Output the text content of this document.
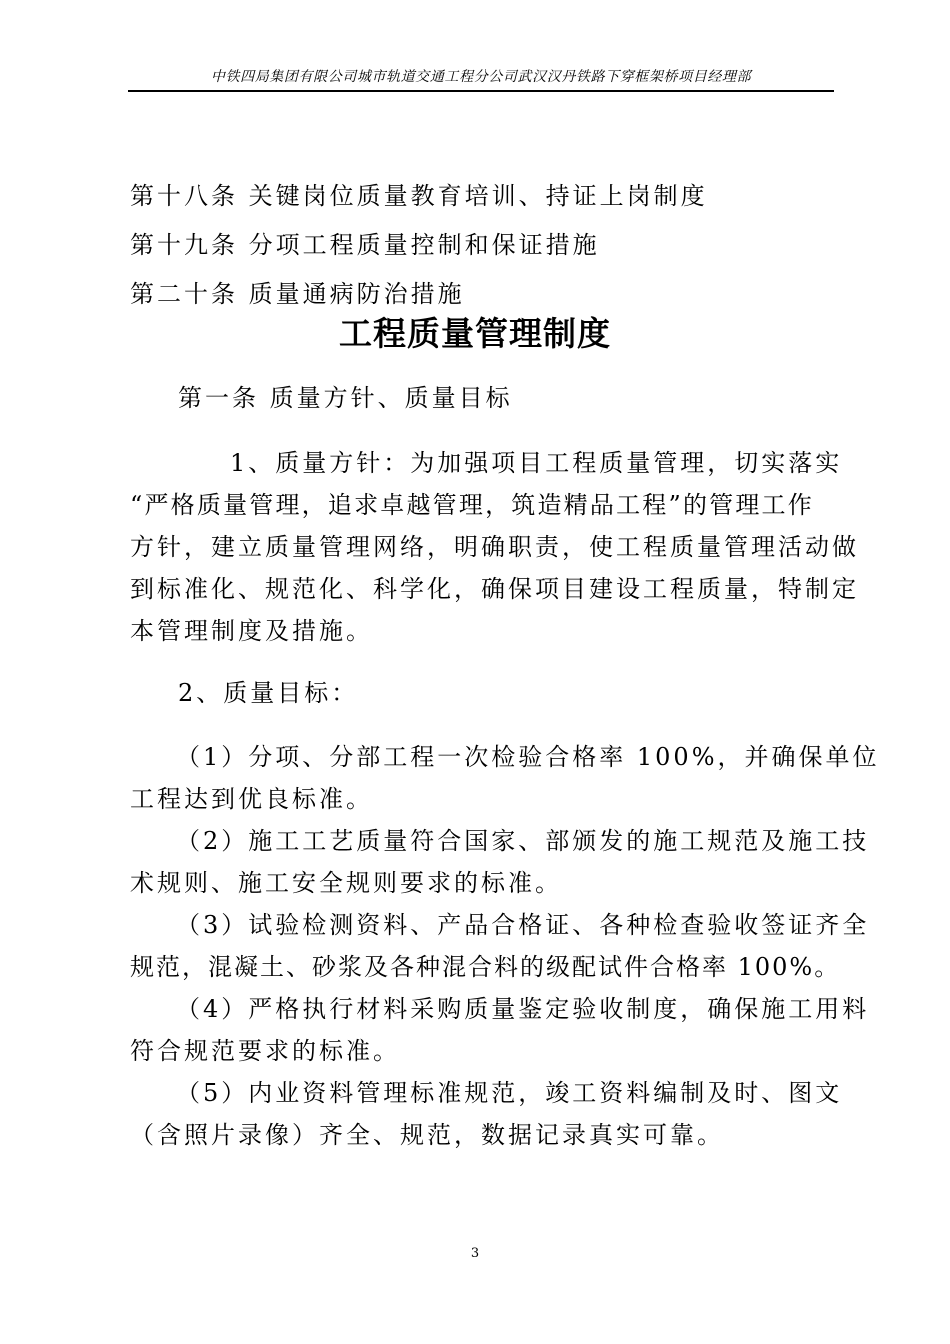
中铁四局集团有限公司城市轨道交通工程分公司武汉汉丹铁路下穿框架桥项目经理部
第十八条 关键岗位质量教育培训、持证上岗制度
第十九条 分项工程质量控制和保证措施
第二十条 质量通病防治措施
工程质量管理制度
第一条 质量方针、质量目标
1、质量方针：为加强项目工程质量管理，切实落实
“严格质量管理，追求卓越管理，筑造精品工程”的管理工作
方针，建立质量管理网络，明确职责，使工程质量管理活动做
到标准化、规范化、科学化，确保项目建设工程质量，特制定
本管理制度及措施。
2、质量目标：
（1）分项、分部工程一次检验合格率 100%，并确保单位
工程达到优良标准。
（2）施工工艺质量符合国家、部颁发的施工规范及施工技
术规则、施工安全规则要求的标准。
（3）试验检测资料、产品合格证、各种检查验收签证齐全
规范，混凝土、砂浆及各种混合料的级配试件合格率 100%。
（4）严格执行材料采购质量鉴定验收制度，确保施工用料
符合规范要求的标准。
（5）内业资料管理标准规范，竣工资料编制及时、图文
（含照片录像）齐全、规范，数据记录真实可靠。
3
